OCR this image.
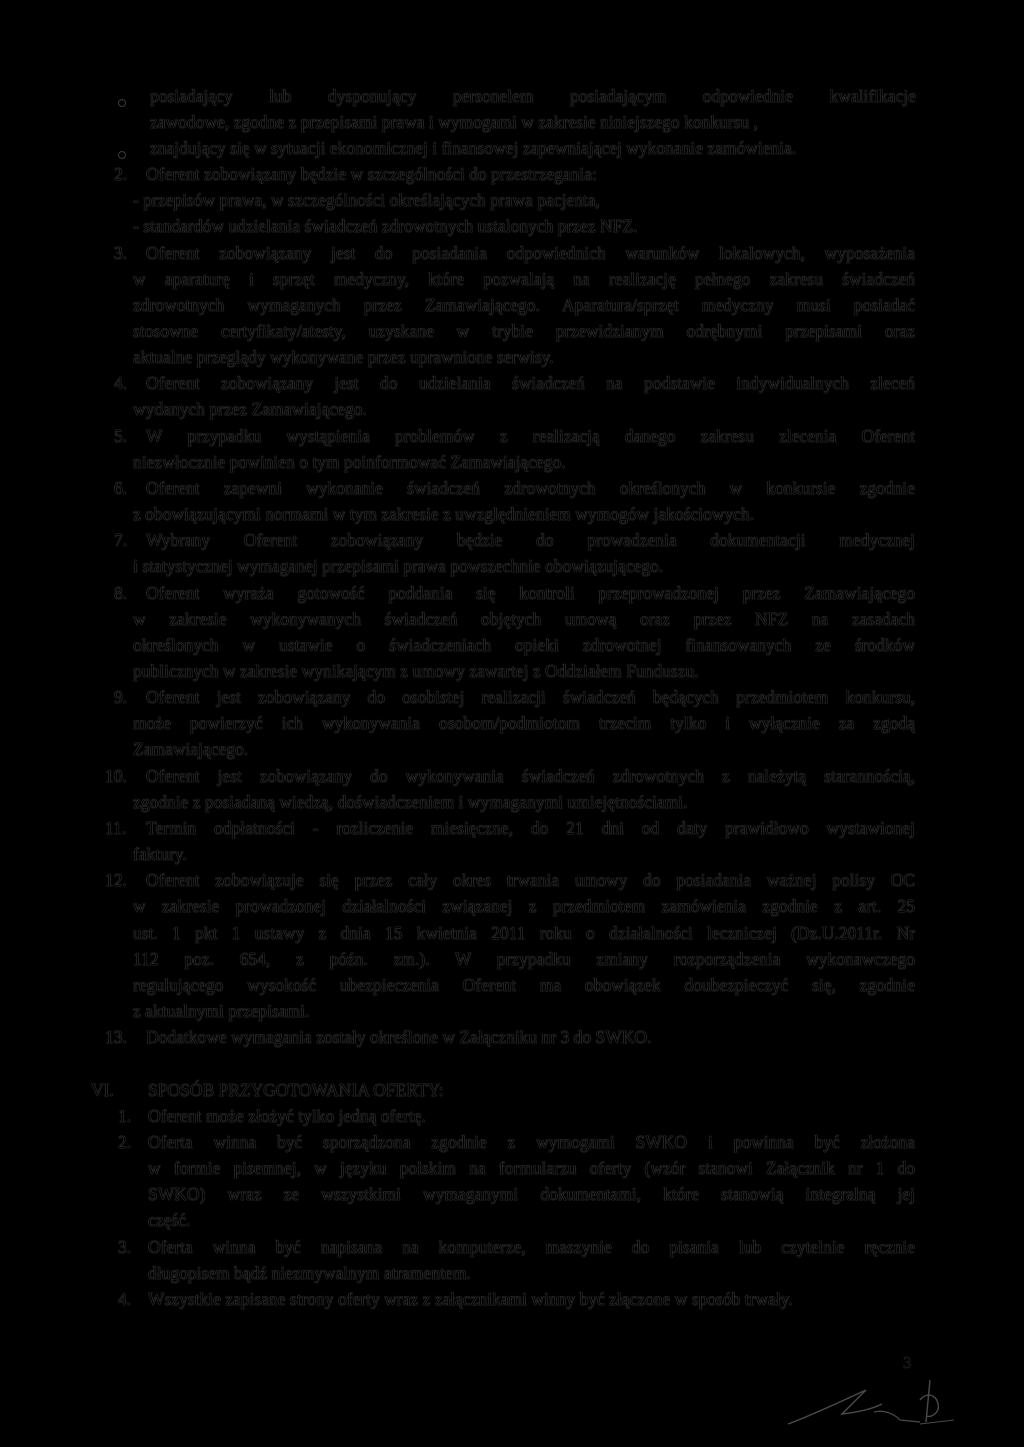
posiadający lub dysponujący personelem posiadającym odpowiednie kwalifikacje
zawodowe, zgodne z przepisami prawa i wymogami w zakresie niniejszego konkursu ,
znajdujący się w sytuacji ekonomicznej i finansowej zapewniającej wykonanie zamówienia.
Oferent zobowiązany będzie w szczególności do przestrzegania:
- przepisów prawa, w szczególności określających prawa pacjenta,
- standardów udzielania świadczeń zdrowotnych ustalonych przez NFZ.
Oferent zobowiązany jest do posiadania odpowiednich warunków lokalowych, wyposażenia
w aparaturę i sprzęt medyczny, które pozwalają na realizację pełnego zakresu świadczeń
zdrowotnych wymaganych przez Zamawiającego. Aparatura/sprzęt medyczny musi posiadać
stosowne certyfikaty/atesty, uzyskane w trybie przewidzianym odrębnymi przepisami oraz
aktualne przeglądy wykonywane przez uprawnione serwisy.
Oferent zobowiązany jest do udzielania świadczeń na podstawie indywidualnych zleceń
wydanych przez Zamawiającego.
W przypadku wystąpienia problemów z realizacją danego zakresu zlecenia Oferent
niezwłocznie powinien o tym poinformować Zamawiającego.
Oferent zapewni wykonanie świadczeń zdrowotnych określonych w konkursie zgodnie
z obowiązującymi normami w tym zakresie z uwzględnieniem wymogów jakościowych.
Wybrany Oferent zobowiązany będzie do prowadzenia dokumentacji medycznej
i statystycznej wymaganej przepisami prawa powszechnie obowiązującego.
Oferent wyraża gotowość poddania się kontroli przeprowadzonej przez Zamawiającego
w zakresie wykonywanych świadczeń objętych umową oraz przez NFZ na zasadach
określonych w ustawie o świadczeniach opieki zdrowotnej finansowanych ze środków
publicznych w zakresie wynikającym z umowy zawartej z Oddziałem Funduszu.
Oferent jest zobowiązany do osobistej realizacji świadczeń będących przedmiotem konkursu,
może powierzyć ich wykonywania osobom/podmiotom trzecim tylko i wyłącznie za zgodą
Zamawiającego.
Oferent jest zobowiązany do wykonywania świadczeń zdrowotnych z należytą starannością,
zgodnie z posiadaną wiedzą, doświadczeniem i wymaganymi umiejętnościami.
Termin odpłatności - rozliczenie miesięczne, do 21 dni od daty prawidłowo wystawionej
faktury.
Oferent zobowiązuje się przez cały okres trwania umowy do posiadania ważnej polisy OC
w zakresie prowadzonej działalności związanej z przedmiotem zamówienia zgodnie z art. 25
ust. 1 pkt 1 ustawy z dnia 15 kwietnia 2011 roku o działalności leczniczej (Dz.U.2011r. Nr
112 poz. 654, z późn. zm.). W przypadku zmiany rozporządzenia wykonawczego
regulującego wysokość ubezpieczenia Oferent ma obowiązek doubezpieczyć się, zgodnie
z aktualnymi przepisami.
Dodatkowe wymagania zostały określone w Załączniku nr 3 do SWKO.
SPOSÓB PRZYGOTOWANIA OFERTY:
Oferent może złożyć tylko jedną ofertę.
Oferta winna być sporządzona zgodnie z wymogami SWKO i powinna być złożona
w formie pisemnej, w języku polskim na formularzu oferty (wzór stanowi Załącznik nr 1 do
SWKO) wraz ze wszystkimi wymaganymi dokumentami, które stanowią integralną jej
część.
Oferta winna być napisana na komputerze, maszynie do pisania lub czytelnie ręcznie
długopisem bądź niezmywalnym atramentem.
Wszystkie zapisane strony oferty wraz z załącznikami winny być złączone w sposób trwały.
2.
3.
4.
5.
6.
7.
8.
9.
10.
11.
12.
13.
VI.
1.
2.
3.
4.
3
